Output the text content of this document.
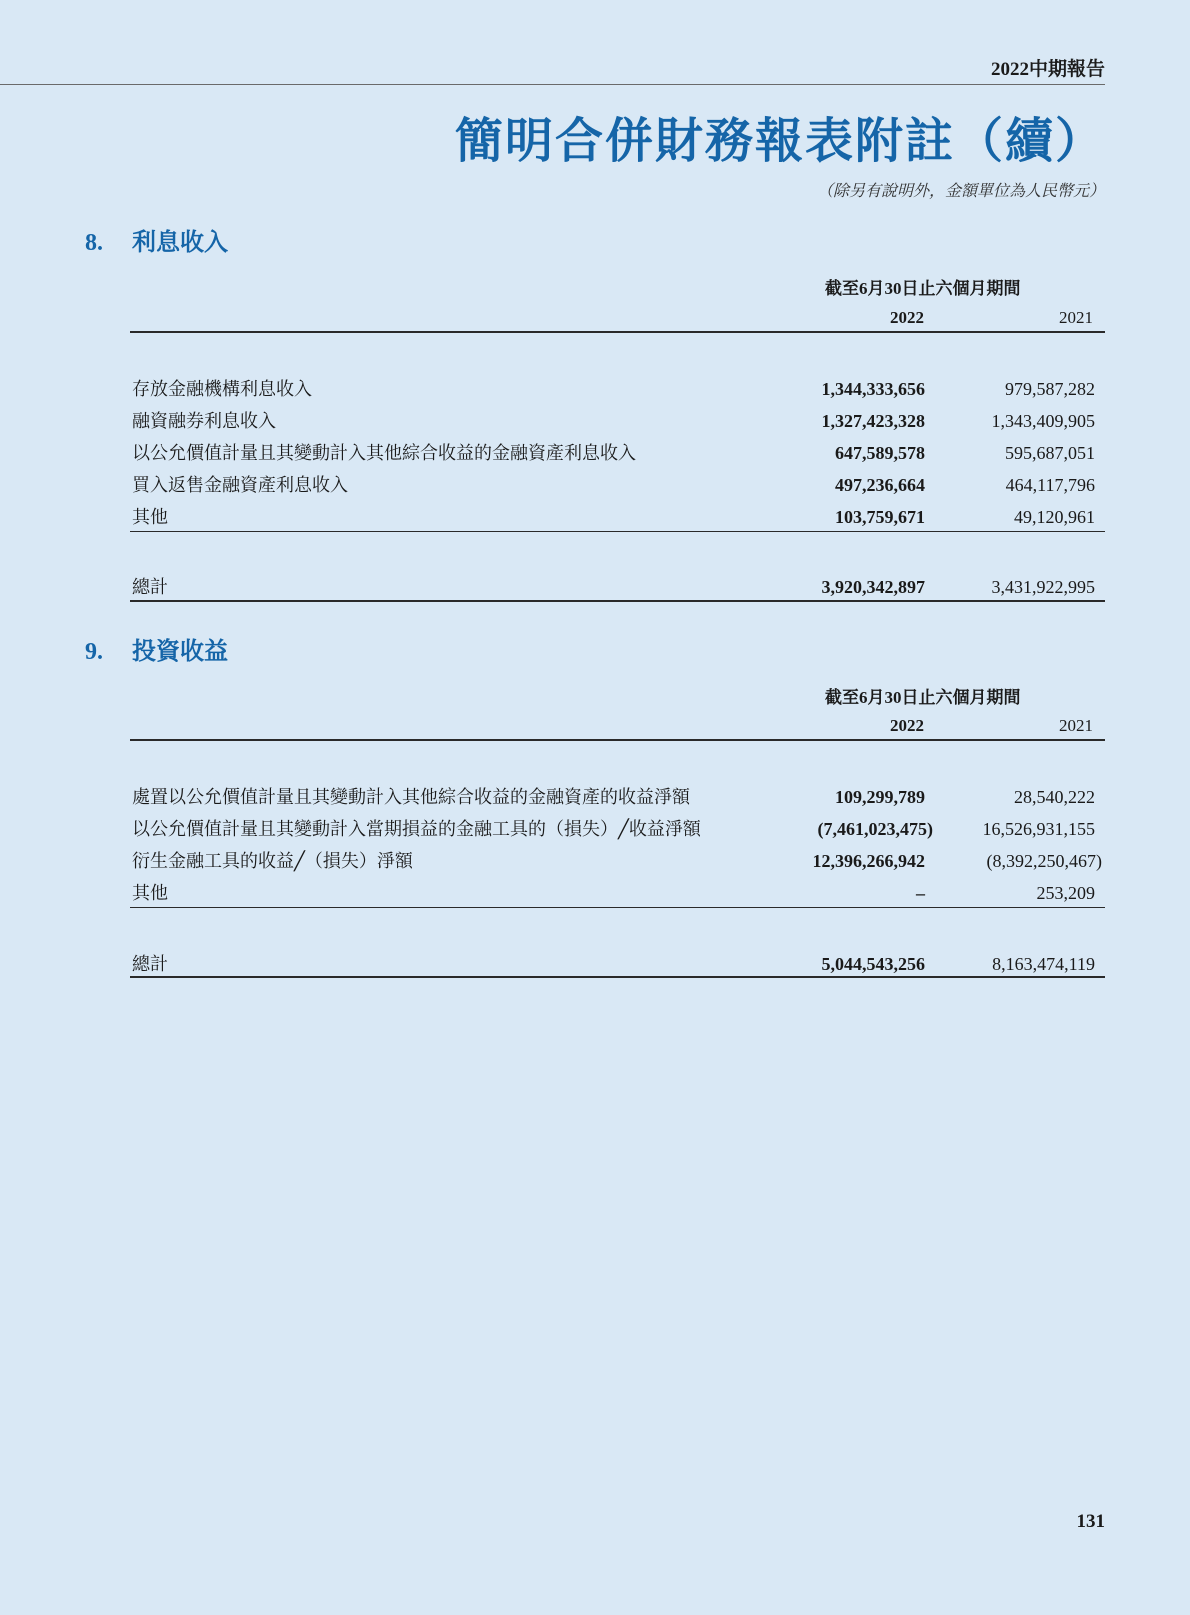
2022中期報告
簡明合併財務報表附註（續）
（除另有說明外，金額單位為人民幣元）
8. 利息收入
截至6月30日止六個月期間
2022	2021
存放金融機構利息收入	1,344,333,656	979,587,282
融資融券利息收入	1,327,423,328	1,343,409,905
以公允價值計量且其變動計入其他綜合收益的金融資產利息收入	647,589,578	595,687,051
買入返售金融資產利息收入	497,236,664	464,117,796
其他	103,759,671	49,120,961
總計	3,920,342,897	3,431,922,995
9. 投資收益
截至6月30日止六個月期間
2022	2021
處置以公允價值計量且其變動計入其他綜合收益的金融資產的收益淨額	109,299,789	28,540,222
以公允價值計量且其變動計入當期損益的金融工具的（損失）╱收益淨額	(7,461,023,475)	16,526,931,155
衍生金融工具的收益╱（損失）淨額	12,396,266,942	(8,392,250,467)
其他	–	253,209
總計	5,044,543,256	8,163,474,119
131
